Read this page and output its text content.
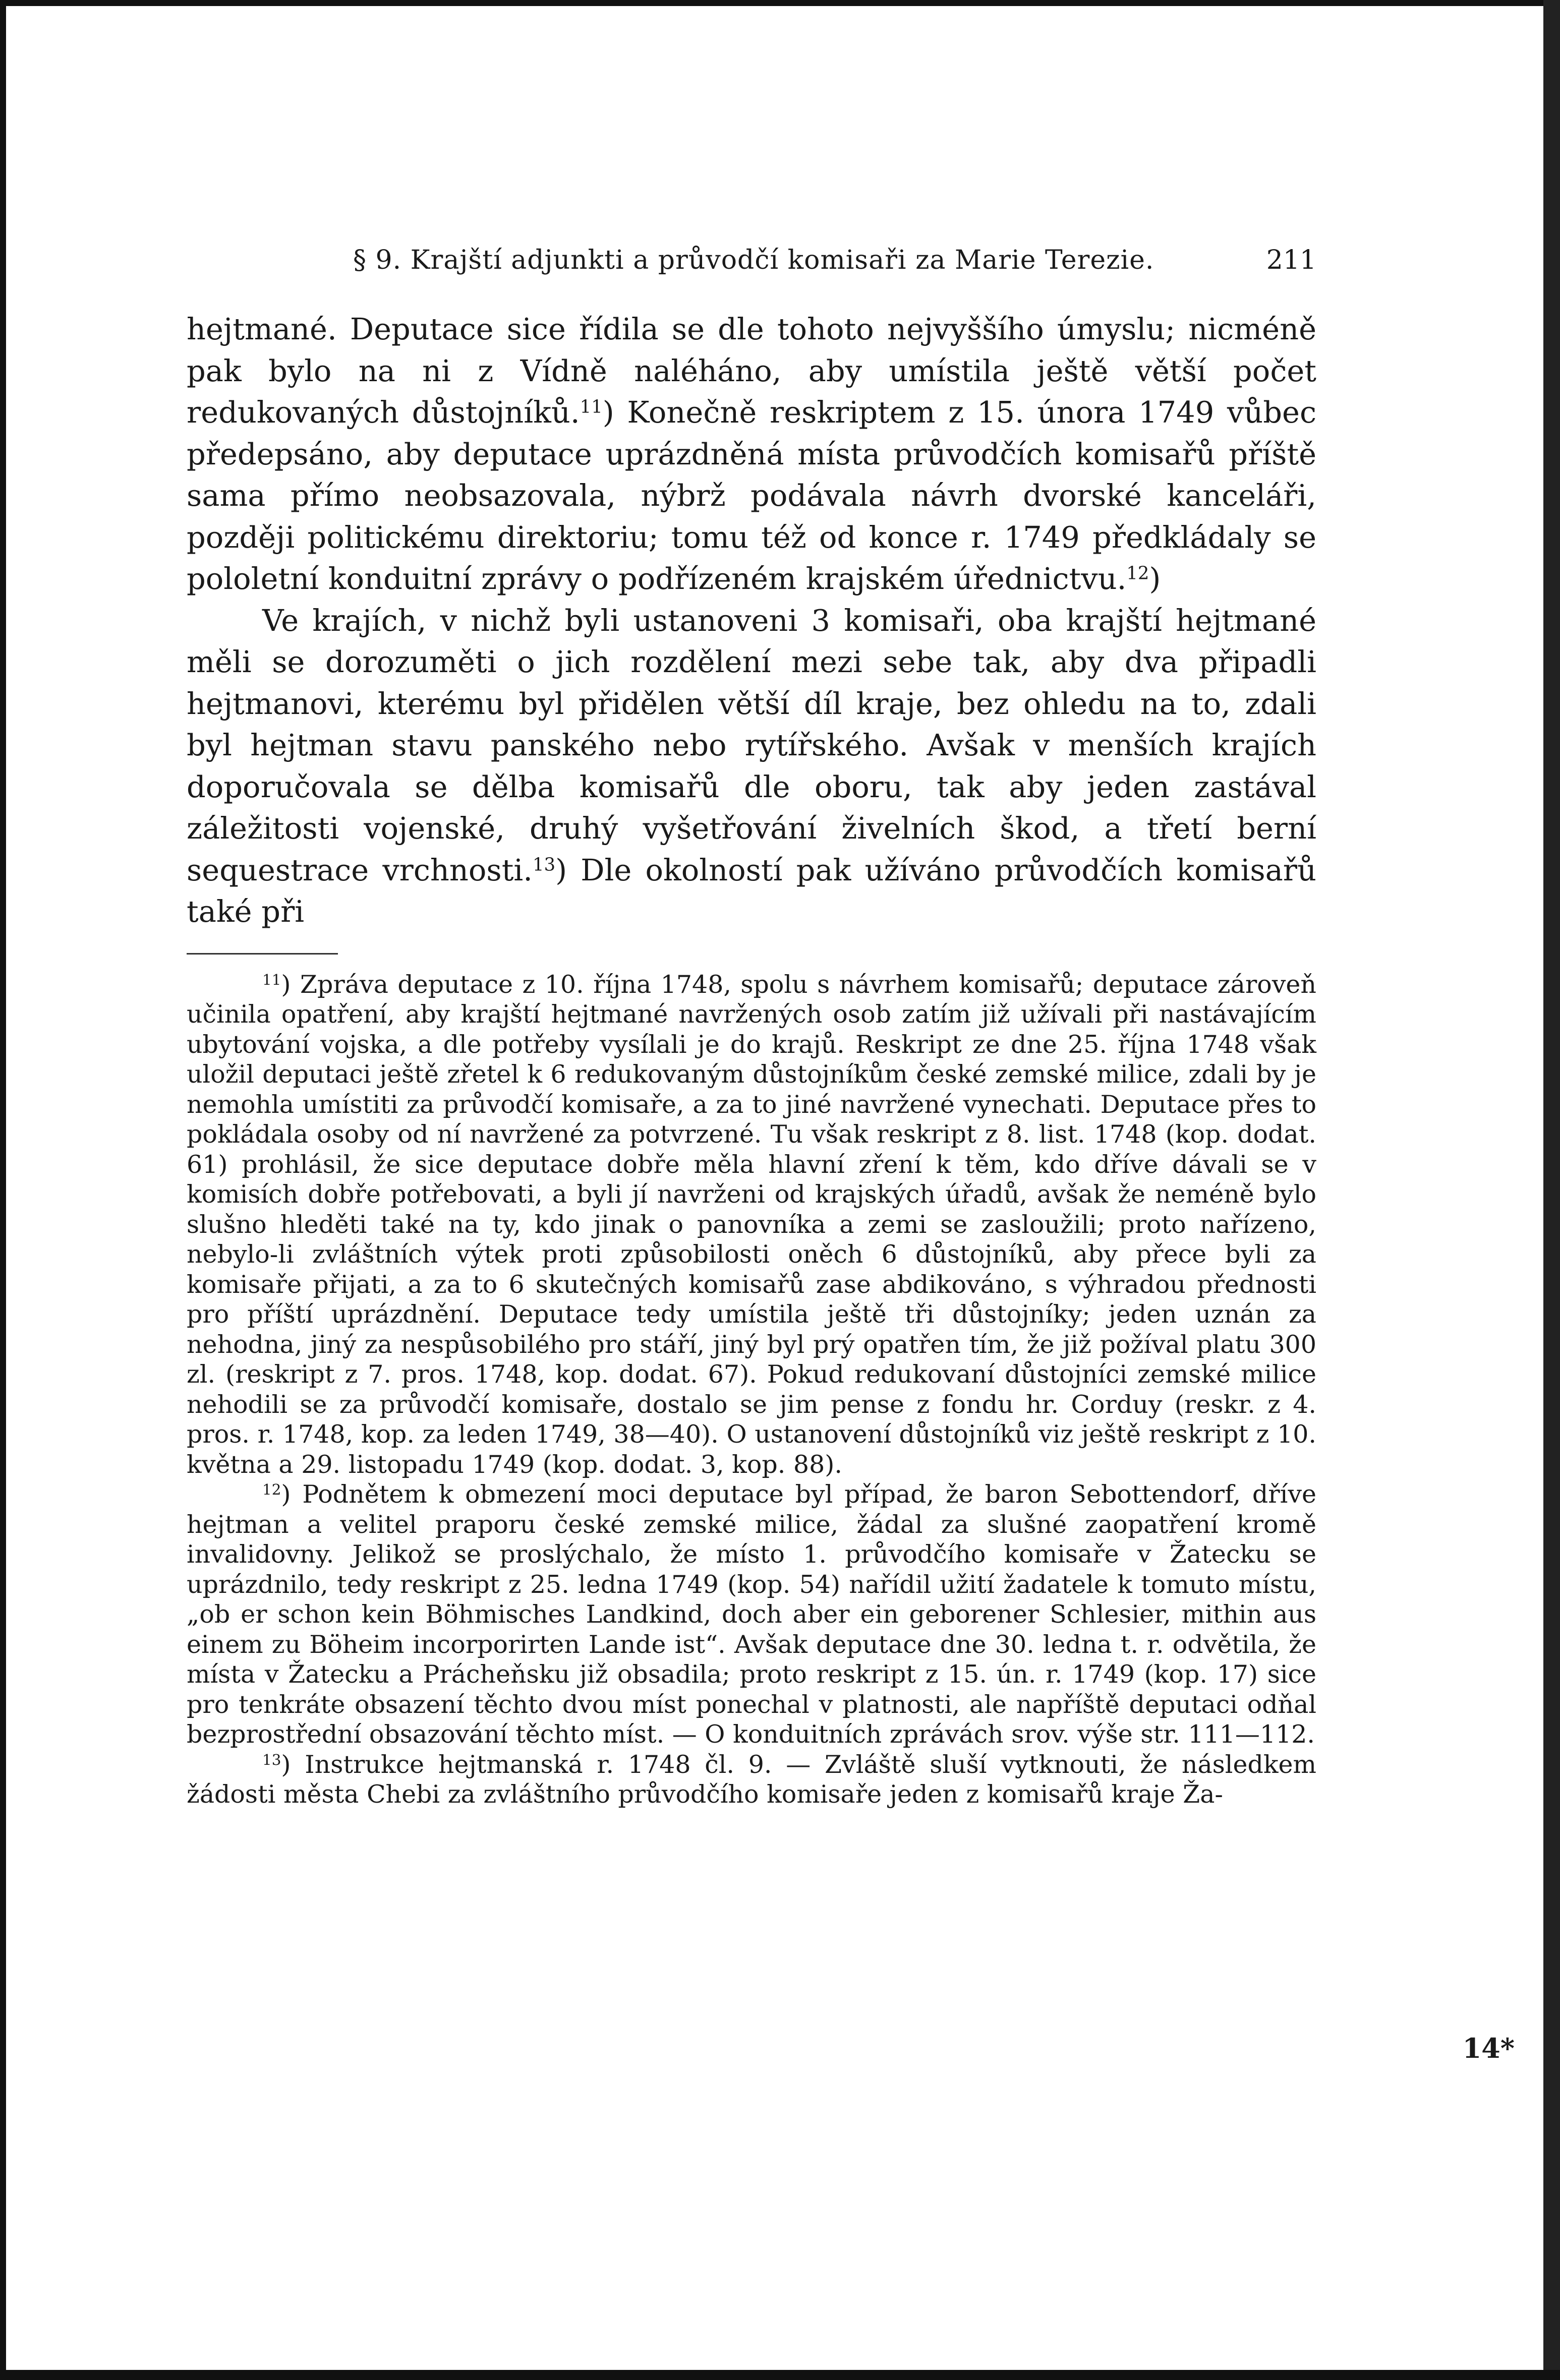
§ 9. Krajští adjunkti a průvodčí komisaři za Marie Terezie.	211

hejtmané. Deputace sice řídila se dle tohoto nejvyššího úmyslu; nicméně pak bylo na ni z Vídně naléháno, aby umístila ještě větší počet redukovaných důstojníků.$^{11}$) Konečně reskriptem z 15. února 1749 vůbec předepsáno, aby deputace uprázdněná místa průvodčích komisařů příště sama přímo neobsazovala, nýbrž podávala návrh dvorské kanceláři, později politickému direktoriu; tomu též od konce r. 1749 předkládaly se pololetní konduitní zprávy o podřízeném krajském úřednictvu.$^{12}$)

Ve krajích, v nichž byli ustanoveni 3 komisaři, oba krajští hejtmané měli se dorozuměti o jich rozdělení mezi sebe tak, aby dva připadli hejtmanovi, kterému byl přidělen větší díl kraje, bez ohledu na to, zdali byl hejtman stavu panského nebo rytířského. Avšak v menších krajích doporučovala se dělba komisařů dle oboru, tak aby jeden zastával záležitosti vojenské, druhý vyšetřování živelních škod, a třetí berní sequestrace vrchnosti.$^{13}$) Dle okolností pak užíváno průvodčích komisařů také při

$^{11}$) Zpráva deputace z 10. října 1748, spolu s návrhem komisařů; deputace zároveň učinila opatření, aby krajští hejtmané navržených osob zatím již užívali při nastávajícím ubytování vojska, a dle potřeby vysílali je do krajů. Reskript ze dne 25. října 1748 však uložil deputaci ještě zřetel k 6 redukovaným důstojníkům české zemské milice, zdali by je nemohla umístiti za průvodčí komisaře, a za to jiné navržené vynechati. Deputace přes to pokládala osoby od ní navržené za potvrzené. Tu však reskript z 8. list. 1748 (kop. dodat. 61) prohlásil, že sice deputace dobře měla hlavní zření k těm, kdo dříve dávali se v komisích dobře potřebovati, a byli jí navrženi od krajských úřadů, avšak že neméně bylo slušno hleděti také na ty, kdo jinak o panovníka a zemi se zasloužili; proto nařízeno, nebylo-li zvláštních výtek proti způsobilosti oněch 6 důstojníků, aby přece byli za komisaře přijati, a za to 6 skutečných komisařů zase abdikováno, s výhradou přednosti pro příští uprázdnění. Deputace tedy umístila ještě tři důstojníky; jeden uznán za nehodna, jiný za nespůsobilého pro stáří, jiný byl prý opatřen tím, že již požíval platu 300 zl. (reskript z 7. pros. 1748, kop. dodat. 67). Pokud redukovaní důstojníci zemské milice nehodili se za průvodčí komisaře, dostalo se jim pense z fondu hr. Corduy (reskr. z 4. pros. r. 1748, kop. za leden 1749, 38—40). O ustanovení důstojníků viz ještě reskript z 10. května a 29. listopadu 1749 (kop. dodat. 3, kop. 88).

$^{12}$) Podnětem k obmezení moci deputace byl případ, že baron Sebottendorf, dříve hejtman a velitel praporu české zemské milice, žádal za slušné zaopatření kromě invalidovny. Jelikož se proslýchalo, že místo 1. průvodčího komisaře v Žatecku se uprázdnilo, tedy reskript z 25. ledna 1749 (kop. 54) nařídil užití žadatele k tomuto místu, „ob er schon kein Böhmisches Landkind, doch aber ein geborener Schlesier, mithin aus einem zu Böheim incorporirten Lande ist“. Avšak deputace dne 30. ledna t. r. odvětila, že místa v Žatecku a Prácheňsku již obsadila; proto reskript z 15. ún. r. 1749 (kop. 17) sice pro tenkráte obsazení těchto dvou míst ponechal v platnosti, ale napříště deputaci odňal bezprostřední obsazování těchto míst. — O konduitních zprávách srov. výše str. 111—112.

$^{13}$) Instrukce hejtmanská r. 1748 čl. 9. — Zvláště sluší vytknouti, že následkem žádosti města Chebi za zvláštního průvodčího komisaře jeden z komisařů kraje Ža-

14*
